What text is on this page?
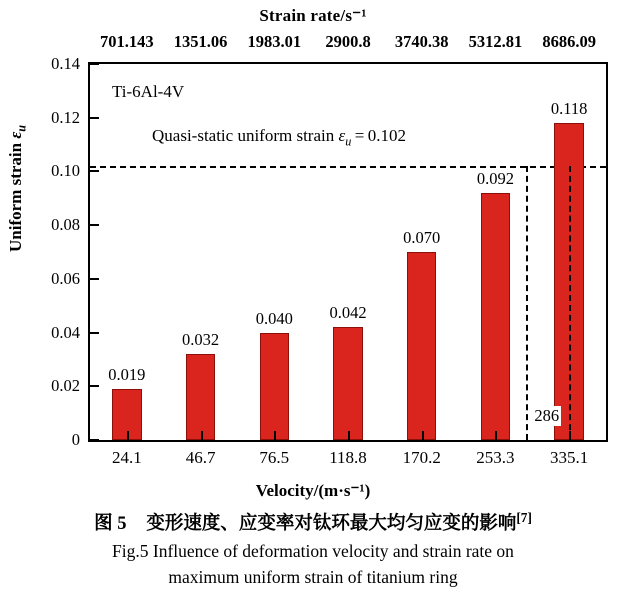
Strain rate/s⁻¹
701.143 1351.06 1983.01 2900.8 3740.38 5312.81 8686.09
Uniform strain $\varepsilon_u$
Ti-6Al-4V
Quasi-static uniform strain $\varepsilon_u = 0.102$
0
0.02
0.04
0.06
0.08
0.10
0.12
0.14
0.019
0.032
0.040 0.042
0.070
0.092
0.118
286
24.1	46.7	76.5 118.8 170.2 253.3 335.1
Velocity/(m·s⁻¹)
图 5 变形速度、应变率对钛环最大均匀应变的影响[7]
Fig.5 Influence of deformation velocity and strain rate on
maximum uniform strain of titanium ring
